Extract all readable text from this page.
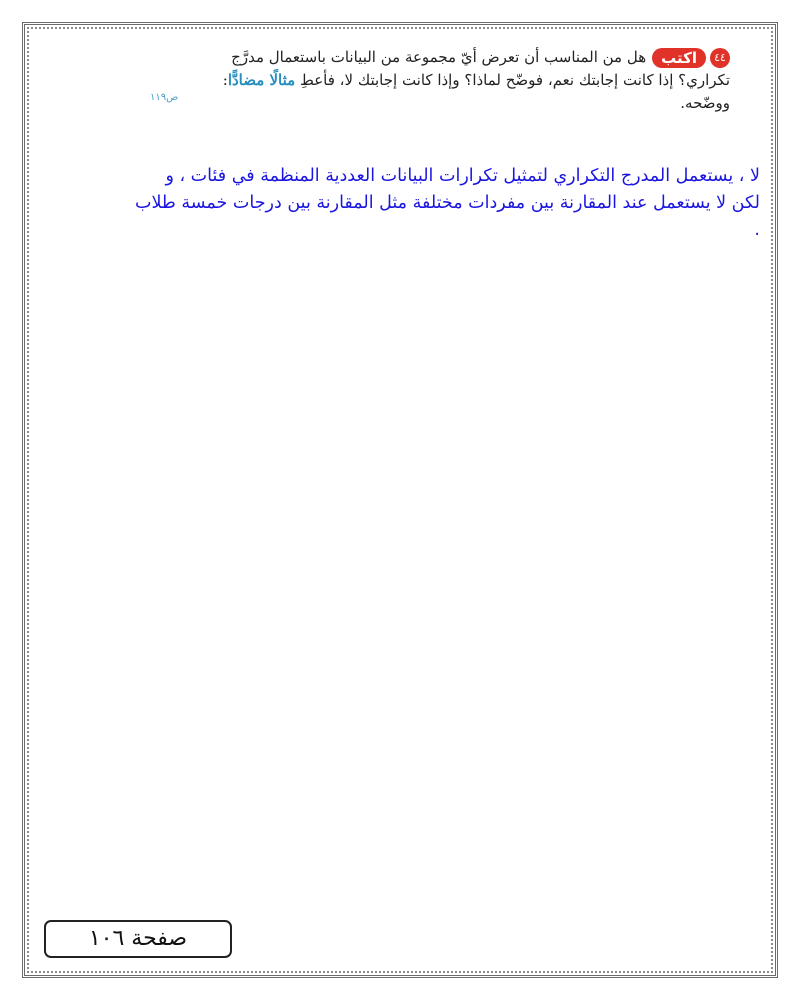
٤٤اكتبهل من المناسب أن تعرض أيّ مجموعة من البيانات باستعمال مدرَّج
تكراري؟ إذا كانت إجابتك نعم، فوضّح لماذا؟ وإذا كانت إجابتك لا، فأعطِ مثالًا مضادًّا:
ووضّحه.
ص١١٩
لا ، يستعمل المدرج التكراري لتمثيل تكرارات البيانات العددية المنظمة في فئات ، و
لكن لا يستعمل عند المقارنة بين مفردات مختلفة مثل المقارنة بين درجات خمسة طلاب
.
صفحة ١٠٦
